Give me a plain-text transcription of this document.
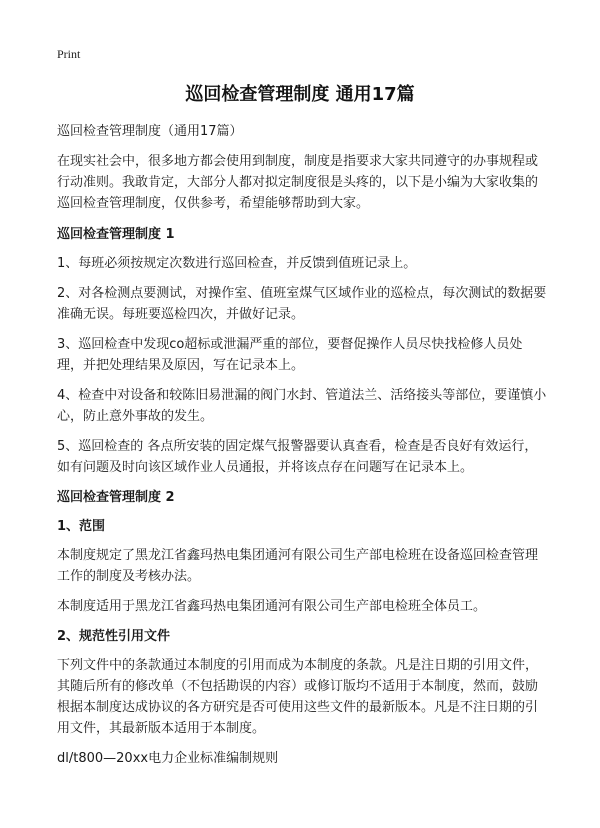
Print
巡回检查管理制度 通用17篇

巡回检查管理制度（通用17篇）

在现实社会中，很多地方都会使用到制度，制度是指要求大家共同遵守的办事规程或行动准则。我敢肯定，大部分人都对拟定制度很是头疼的，以下是小编为大家收集的巡回检查管理制度，仅供参考，希望能够帮助到大家。

巡回检查管理制度 1

1、每班必须按规定次数进行巡回检查，并反馈到值班记录上。

2、对各检测点要测试，对操作室、值班室煤气区域作业的巡检点，每次测试的数据要准确无误。每班要巡检四次，并做好记录。

3、巡回检查中发现co超标或泄漏严重的部位，要督促操作人员尽快找检修人员处理，并把处理结果及原因，写在记录本上。

4、检查中对设备和较陈旧易泄漏的阀门水封、管道法兰、活络接头等部位，要谨慎小心，防止意外事故的发生。

5、巡回检查的 各点所安装的固定煤气报警器要认真查看，检查是否良好有效运行，如有问题及时向该区域作业人员通报，并将该点存在问题写在记录本上。

巡回检查管理制度 2

1、范围

本制度规定了黑龙江省鑫玛热电集团通河有限公司生产部电检班在设备巡回检查管理工作的制度及考核办法。

本制度适用于黑龙江省鑫玛热电集团通河有限公司生产部电检班全体员工。

2、规范性引用文件

下列文件中的条款通过本制度的引用而成为本制度的条款。凡是注日期的引用文件，其随后所有的修改单（不包括勘误的内容）或修订版均不适用于本制度，然而，鼓励根据本制度达成协议的各方研究是否可使用这些文件的最新版本。凡是不注日期的引用文件，其最新版本适用于本制度。

dl/t800—20xx电力企业标准编制规则
